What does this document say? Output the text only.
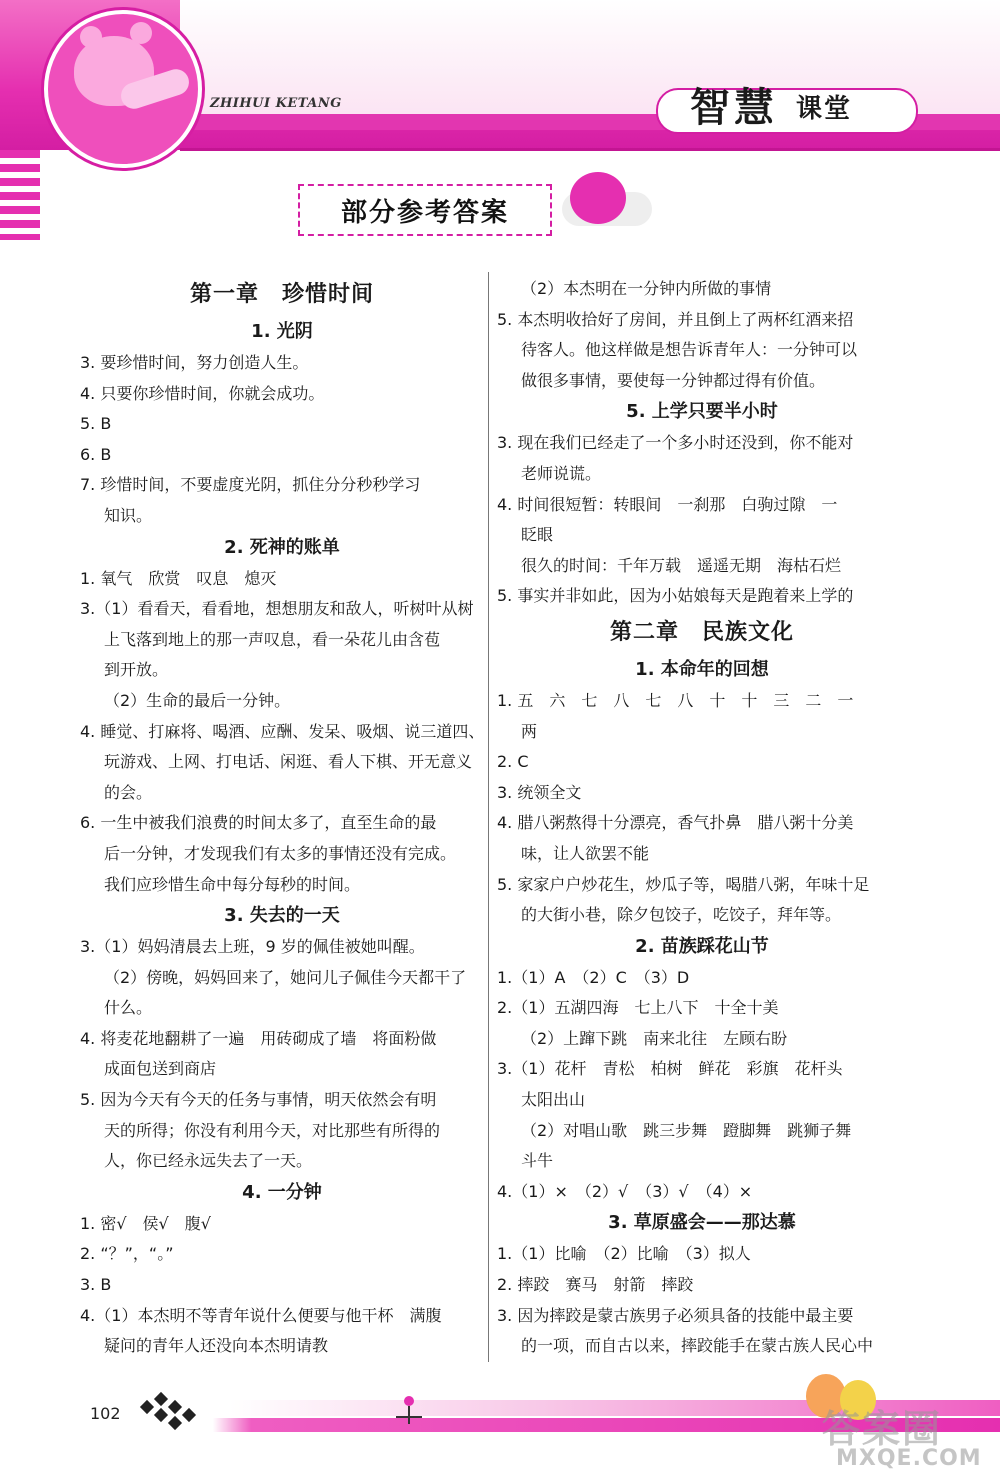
ZHIHUI KETANG	智慧 课堂
部分参考答案
第一章　珍惜时间
1. 光阴
3. 要珍惜时间，努力创造人生。
4. 只要你珍惜时间，你就会成功。
5. B
6. B
7. 珍惜时间，不要虚度光阴，抓住分分秒秒学习
知识。
2. 死神的账单
1. 氧气　欣赏　叹息　熄灭
3.（1）看看天，看看地，想想朋友和敌人，听树叶从树
上飞落到地上的那一声叹息，看一朵花儿由含苞
到开放。
（2）生命的最后一分钟。
4. 睡觉、打麻将、喝酒、应酬、发呆、吸烟、说三道四、
玩游戏、上网、打电话、闲逛、看人下棋、开无意义
的会。
6. 一生中被我们浪费的时间太多了，直至生命的最
后一分钟，才发现我们有太多的事情还没有完成。
我们应珍惜生命中每分每秒的时间。
3. 失去的一天
3.（1）妈妈清晨去上班，9 岁的佩佳被她叫醒。
（2）傍晚，妈妈回来了，她问儿子佩佳今天都干了
什么。
4. 将麦花地翻耕了一遍　用砖砌成了墙　将面粉做
成面包送到商店
5. 因为今天有今天的任务与事情，明天依然会有明
天的所得；你没有利用今天，对比那些有所得的
人，你已经永远失去了一天。
4. 一分钟
1. 密√　侯√　腹√
2. “？”，“。”
3. B
4.（1）本杰明不等青年说什么便要与他干杯　满腹
疑问的青年人还没向本杰明请教
（2）本杰明在一分钟内所做的事情
5. 本杰明收拾好了房间，并且倒上了两杯红酒来招
待客人。他这样做是想告诉青年人：一分钟可以
做很多事情，要使每一分钟都过得有价值。
5. 上学只要半小时
3. 现在我们已经走了一个多小时还没到，你不能对
老师说谎。
4. 时间很短暂：转眼间　一刹那　白驹过隙　一
眨眼
很久的时间：千年万载　遥遥无期　海枯石烂
5. 事实并非如此，因为小姑娘每天是跑着来上学的
第二章　民族文化
1. 本命年的回想
1. 五　六　七　八　七　八　十　十　三　二　一
两
2. C
3. 统领全文
4. 腊八粥熬得十分漂亮，香气扑鼻　腊八粥十分美
味，让人欲罢不能
5. 家家户户炒花生，炒瓜子等，喝腊八粥，年味十足
的大街小巷，除夕包饺子，吃饺子，拜年等。
2. 苗族踩花山节
1.（1）A　（2）C　（3）D
2.（1）五湖四海　七上八下　十全十美
（2）上蹿下跳　南来北往　左顾右盼
3.（1）花杆　青松　柏树　鲜花　彩旗　花杆头
太阳出山
（2）对唱山歌　跳三步舞　蹬脚舞　跳狮子舞
斗牛
4.（1）×　（2）√　（3）√　（4）×
3. 草原盛会——那达慕
1.（1）比喻　（2）比喻　（3）拟人
2. 摔跤　赛马　射箭　摔跤
3. 因为摔跤是蒙古族男子必须具备的技能中最主要
的一项，而自古以来，摔跤能手在蒙古族人民心中
102	答案圈
MXQE.COM
